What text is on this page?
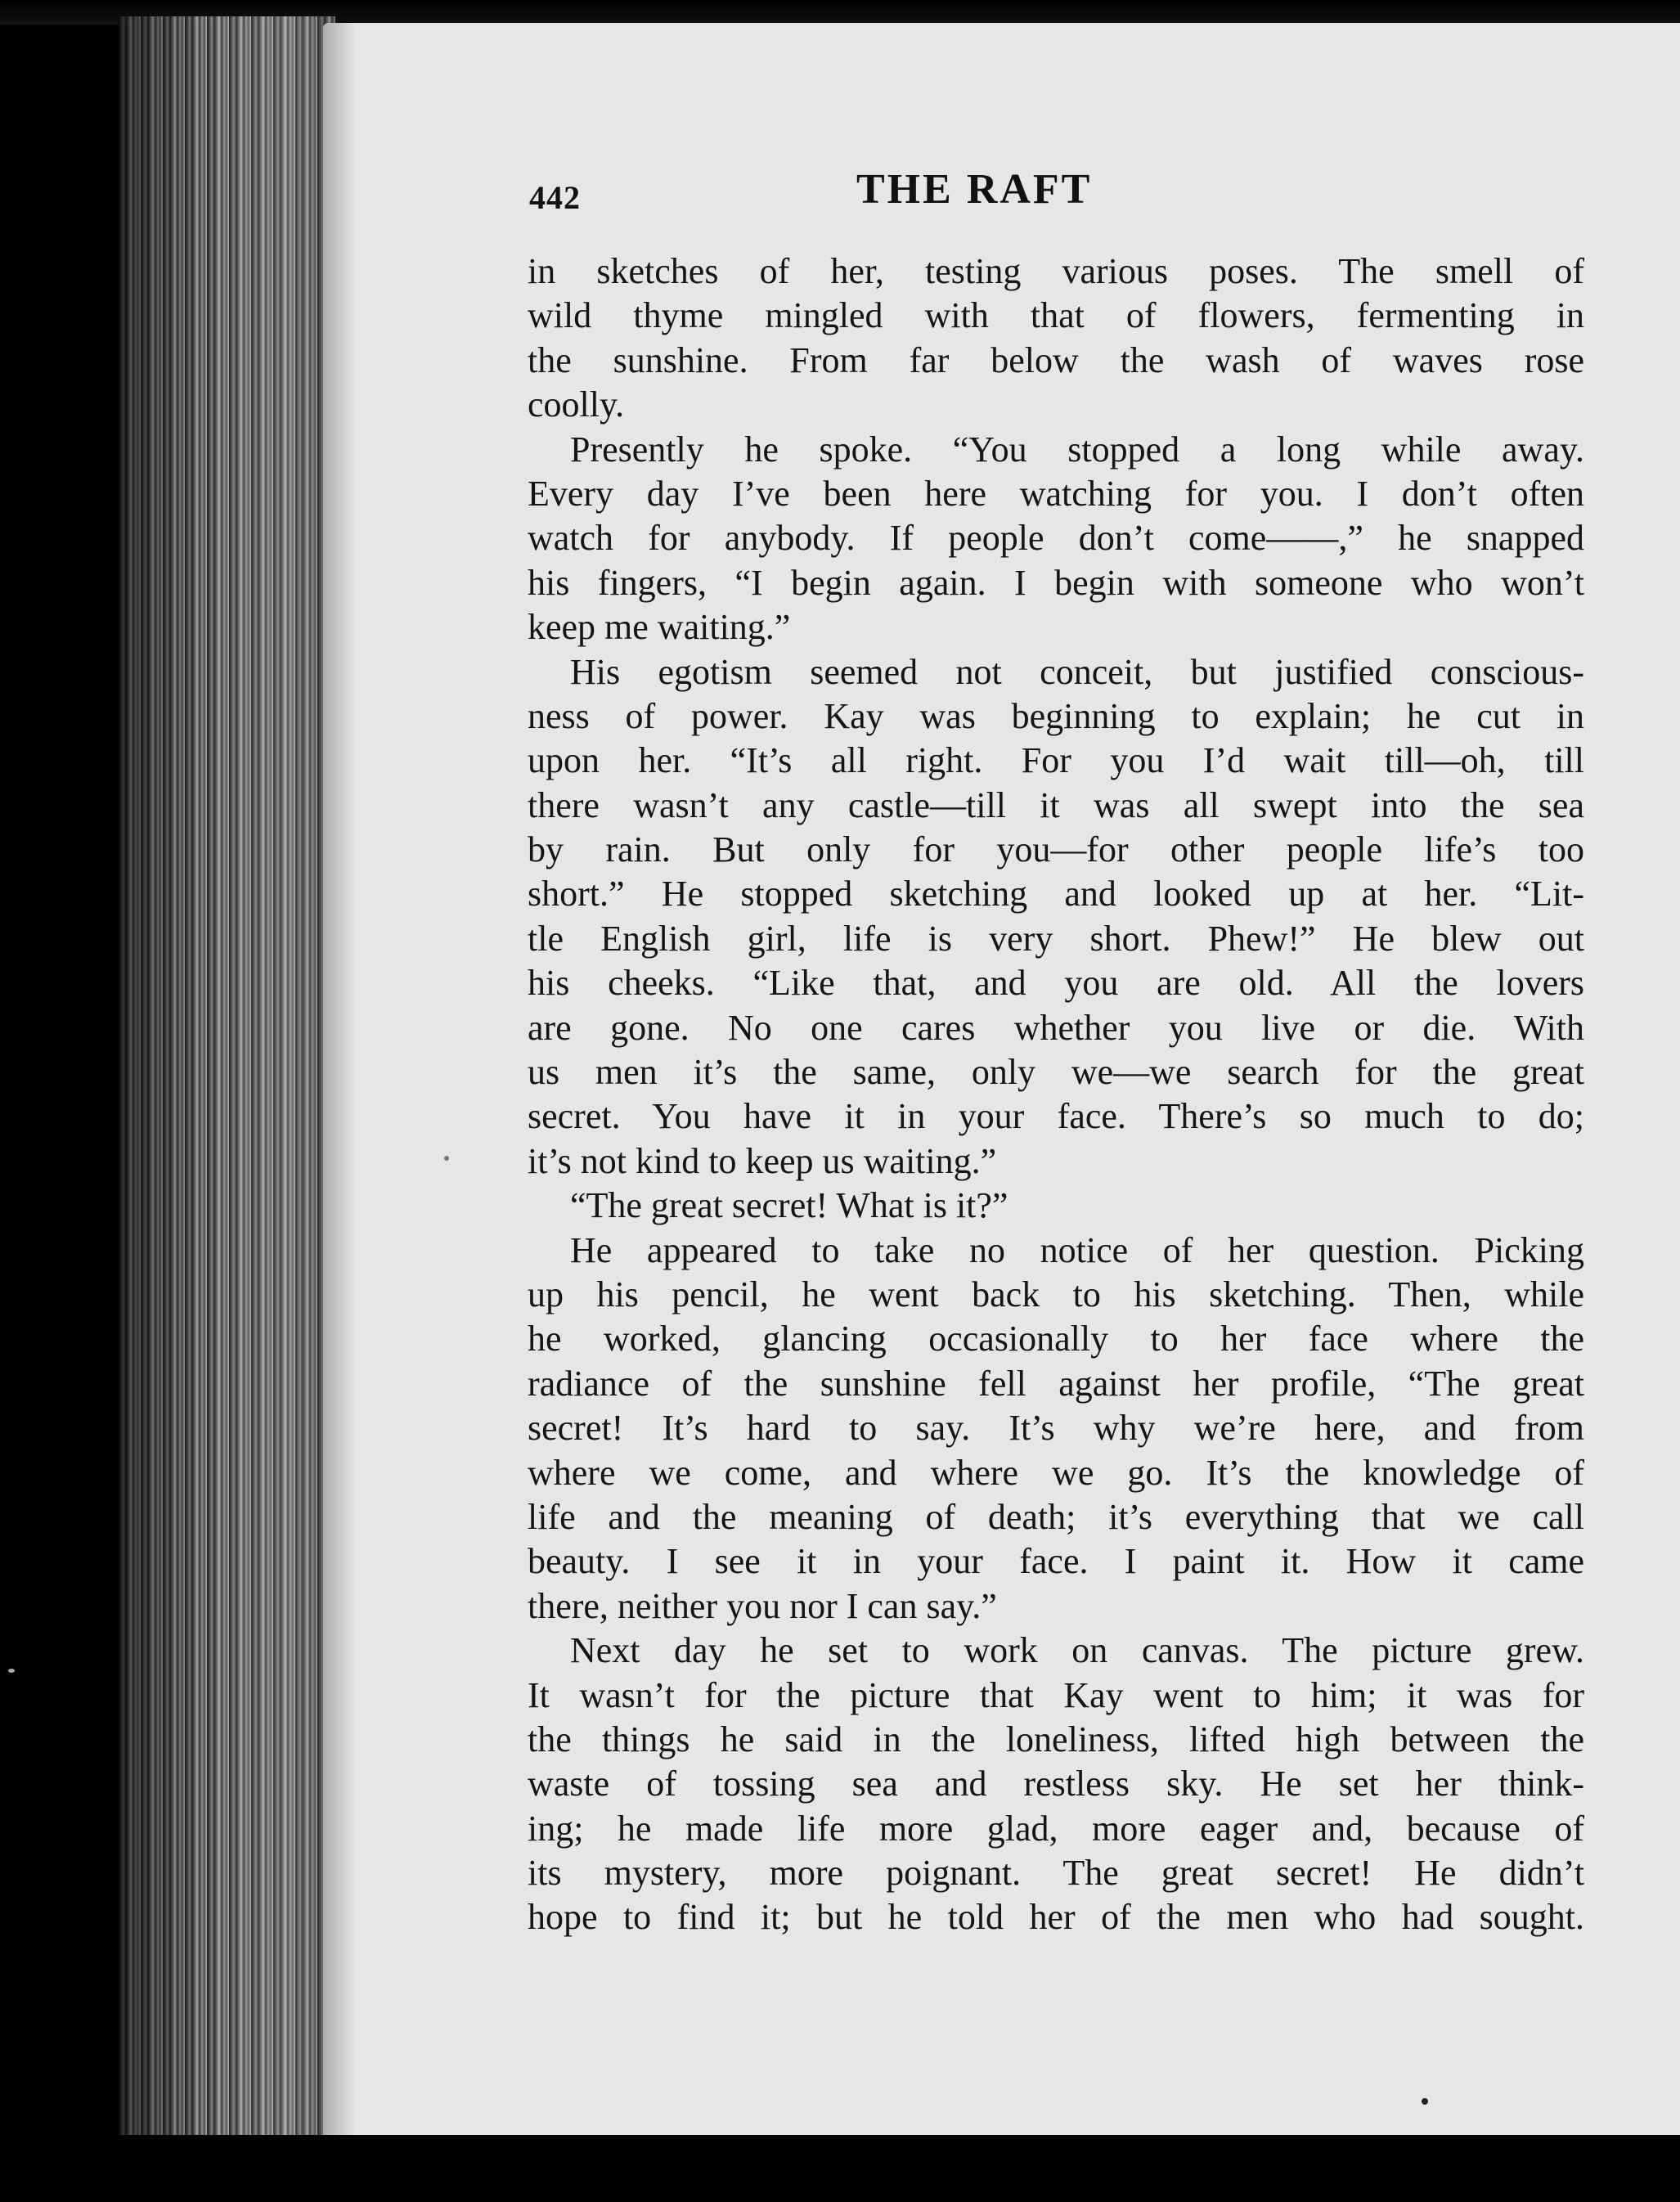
442	THE RAFT
in sketches of her, testing various poses. The smell of
wild thyme mingled with that of flowers, fermenting in
the sunshine. From far below the wash of waves rose
coolly.
Presently he spoke. “You stopped a long while away.
Every day I’ve been here watching for you. I don’t often
watch for anybody. If people don’t come——,” he snapped
his fingers, “I begin again. I begin with someone who won’t
keep me waiting.”
His egotism seemed not conceit, but justified conscious-
ness of power. Kay was beginning to explain; he cut in
upon her. “It’s all right. For you I’d wait till—oh, till
there wasn’t any castle—till it was all swept into the sea
by rain. But only for you—for other people life’s too
short.” He stopped sketching and looked up at her. “Lit-
tle English girl, life is very short. Phew!” He blew out
his cheeks. “Like that, and you are old. All the lovers
are gone. No one cares whether you live or die. With
us men it’s the same, only we—we search for the great
secret. You have it in your face. There’s so much to do;
it’s not kind to keep us waiting.”
“The great secret! What is it?”
He appeared to take no notice of her question. Picking
up his pencil, he went back to his sketching. Then, while
he worked, glancing occasionally to her face where the
radiance of the sunshine fell against her profile, “The great
secret! It’s hard to say. It’s why we’re here, and from
where we come, and where we go. It’s the knowledge of
life and the meaning of death; it’s everything that we call
beauty. I see it in your face. I paint it. How it came
there, neither you nor I can say.”
Next day he set to work on canvas. The picture grew.
It wasn’t for the picture that Kay went to him; it was for
the things he said in the loneliness, lifted high between the
waste of tossing sea and restless sky. He set her think-
ing; he made life more glad, more eager and, because of
its mystery, more poignant. The great secret! He didn’t
hope to find it; but he told her of the men who had sought.
